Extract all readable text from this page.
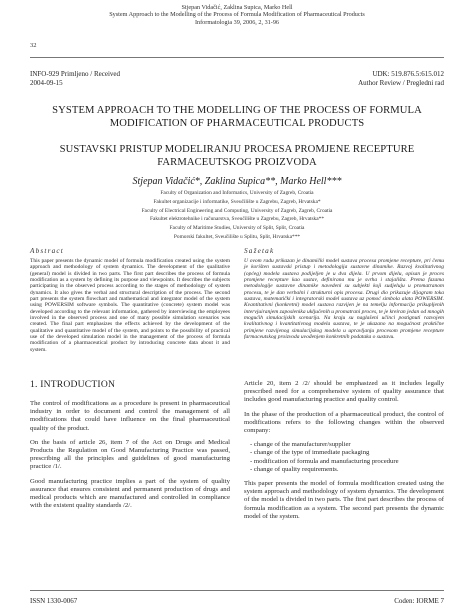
Stjepan Vidačić, Zaklina Supica, Marko Hell
System Approach to the Modelling of the Process of Formula Modification of Pharmaceutical Products
Informatologia 39, 2006, 2, 31-96
32
INFO-929 Primljeno / Received
2004-09-15
UDK: 519.876.5:615.012
Author Review / Pregledni rad
SYSTEM APPROACH TO THE MODELLING OF THE PROCESS OF FORMULA MODIFICATION OF PHARMACEUTICAL PRODUCTS
SUSTAVSKI PRISTUP MODELIRANJU PROCESA PROMJENE RECEPTURE FARMACEUTSKOG PROIZVODA
Stjepan Vidačić*, Zaklina Supica**, Marko Hell***
Faculty of Organization and Informatics, University of Zagreb, Croatia
Fakultet organizacije i informatike, Sveučilište u Zagrebu, Zagreb, Hrvatska*
Faculty of Electrical Engineering and Computing, University of Zagreb, Zagreb, Croatia
Fakultet elektrotehnike i računarstva, Sveučilište u Zagrebu, Zagreb, Hrvatska**
Faculty of Maritime Studies, University of Split, Split, Croatia
Pomorski fakultet, Sveučilište u Splitu, Split, Hrvatska***
Abstract
This paper presents the dynamic model of formula modification created using the system approach and methodology of system dynamics. The development of the qualitative (general) model is divided in two parts. The first part describes the process of formula modification as a system by defining its purpose and viewpoints. It describes the subjects participating in the observed process according to the stages of methodology of system dynamics. It also gives the verbal and structural description of the process. The second part presents the system flowchart and mathematical and integrator model of the system using POWERSIM software symbols. The quantitative (concrete) system model was developed according to the relevant information, gathered by interviewing the employees involved in the observed process and one of many possible simulation scenarios was created. The final part emphasizes the effects achieved by the development of the qualitative and quantitative model of the system, and points to the possibility of practical use of the developed simulation model in the management of the process of formula modification of a pharmaceutical product by introducing concrete data about it and system.
Sažetak
U ovom radu prikazan je dinamički model sustava procesa promjene recepture, pri čemu je korišten sustavski pristup i metodologija sustavne dinamike. Razvoj kvalitativnog (općeg) modela sustava podijeljen je u dva dijela. U prvom dijelu, opisan je proces promjene recepture kao sustav, definirana mu je svrha i stajališta. Prema fazama metodologije sustavne dinamike navedeni su subjekti koji sudjeluju u promatranom procesu, te je dan verbalni i strukturni opis procesa. Drugi dio prikazuje dijagram toka sustava, matematički i integratorski model sustava uz pomoć simbola alata POWERSIM. Kvantitativni (konkretni) model sustava razvijen je na temelju informacija prikupljenih intervjuiranjem zaposlenika uključenih u promatrani proces, te je kreiran jedan od mnogih mogućih simulacijskih scenarija. Na kraju su naglašeni učinci postignuti razvojem kvalitativnog i kvantitativnog modela sustava, te je ukazano na mogućnost praktične primjene razvijenog simulacijskog modela u upravljanju procesom promjene recepture farmaceutskog proizvoda uvođenjem konkretnih podataka o sustavu.
1. INTRODUCTION

The control of modifications as a procedure is present in pharmaceutical industry in order to document and control the management of all modifications that could have influence on the final pharmaceutical quality of the product.

On the basis of article 26, item 7 of the Act on Drugs and Medical Products the Regulation on Good Manufacturing Practice was passed, prescribing all the principles and guidelines of good manufacturing practice /1/.

Good manufacturing practice implies a part of the system of quality assurance that ensures consistent and permanent production of drugs and medical products which are manufactured and controlled in compliance with the existent quality standards /2/.

Article 20, item 2 /2/ should be emphasized as it includes legally prescribed need for a comprehensive system of quality assurance that includes good manufacturing practice and quality control.

In the phase of the production of a pharmaceutical product, the control of modifications refers to the following changes within the observed company:

- change of the manufacturer/supplier
- change of the type of immediate packaging
- modification of formula and manufacturing procedure
- change of quality requirements.

This paper presents the model of formula modification created using the system approach and methodology of system dynamics. The development of the model is divided in two parts. The first part describes the process of formula modification as a system. The second part presents the dynamic model of the system.

ISSN 1330-0067	Coden: IORME 7
